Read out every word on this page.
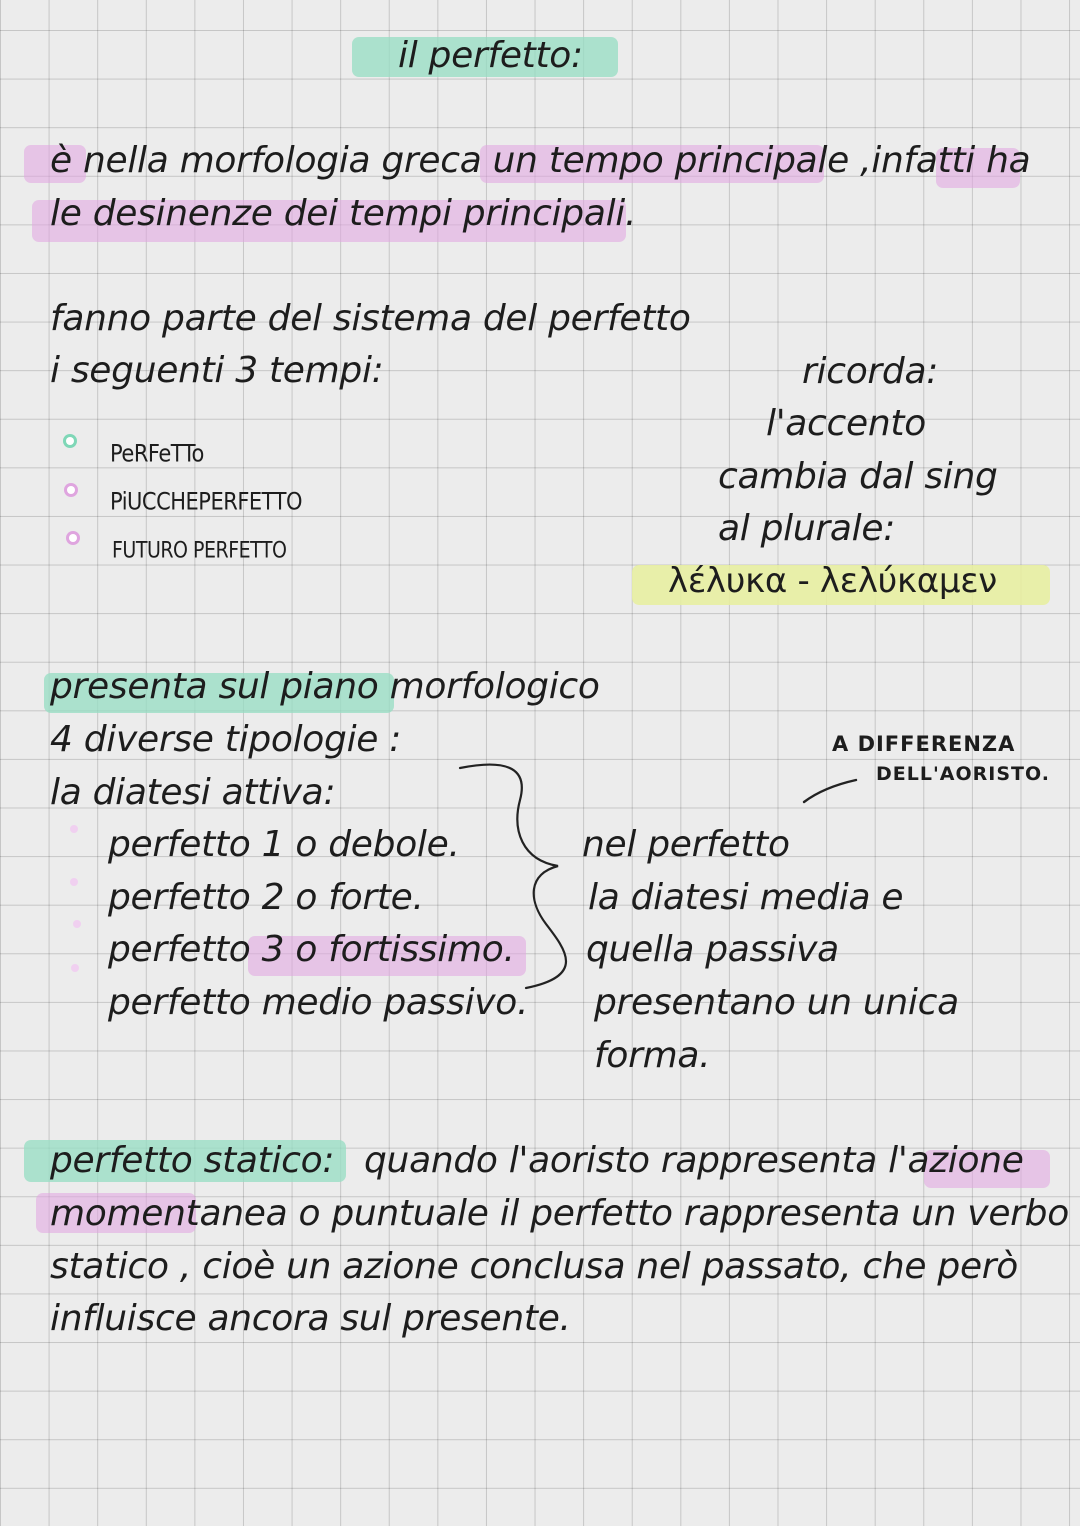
il perfetto:
è nella morfologia greca un tempo principale ,infatti ha
le desinenze dei tempi principali.
fanno parte del sistema del perfetto
i seguenti 3 tempi:
PeRFeTTo
PiUCCHEPERFETTO
FUTURO PERFETTO
ricorda:
l'accento
cambia dal sing
al plurale:
λέλυκα - λελύκαμεν
presenta sul piano morfologico
4 diverse tipologie :
la diatesi attiva:
perfetto 1 o debole.
perfetto 2 o forte.
perfetto 3 o fortissimo.
perfetto medio passivo.
nel perfetto
la diatesi media e
quella passiva
presentano un unica
forma.
A DIFFERENZA
DELL'AORISTO.
perfetto statico: quando l'aoristo rappresenta l'azione
momentanea o puntuale il perfetto rappresenta un verbo
statico , cioè un azione conclusa nel passato, che però
influisce ancora sul presente.
